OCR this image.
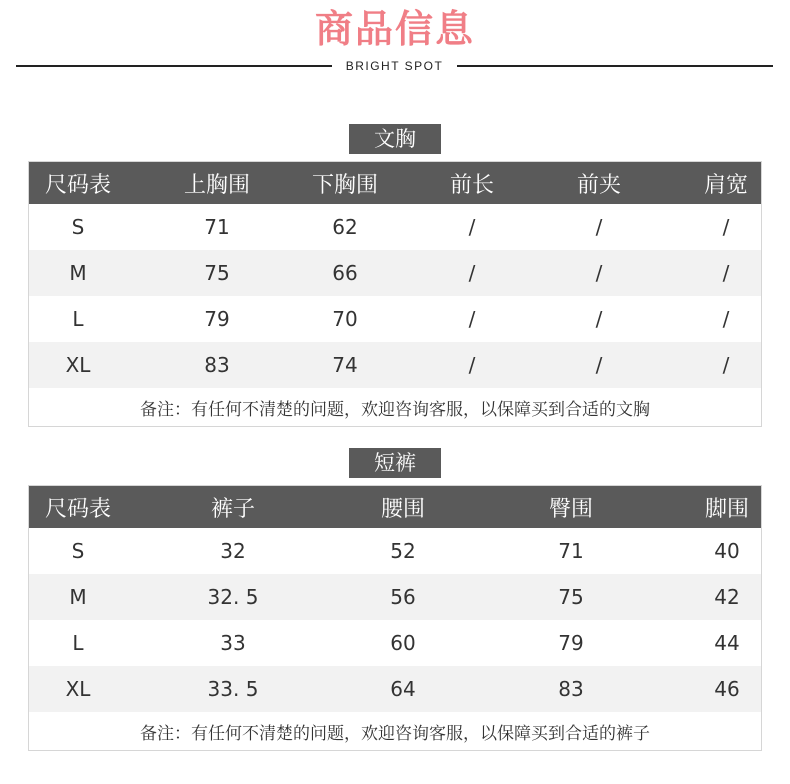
商品信息
BRIGHT SPOT
文胸
尺码表	上胸围	下胸围	前长	前夹	肩宽
S	71	62	/	/	/
M	75	66	/	/	/
L	79	70	/	/	/
XL	83	74	/	/	/
备注：有任何不清楚的问题，欢迎咨询客服，以保障买到合适的文胸
短裤
尺码表	裤子	腰围	臀围	脚围
S	32	52	71	40
M	32. 5	56	75	42
L	33	60	79	44
XL	33. 5	64	83	46
备注：有任何不清楚的问题，欢迎咨询客服，以保障买到合适的裤子
